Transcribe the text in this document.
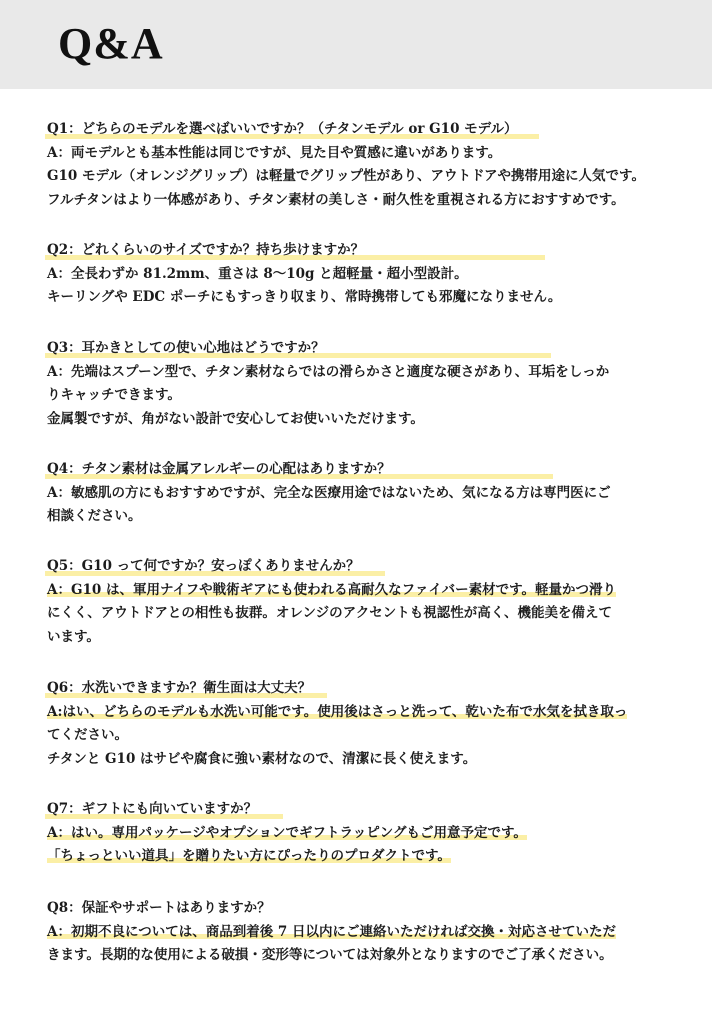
Q&A

Q1：どちらのモデルを選べばいいですか？（チタンモデル or G10 モデル）

A：両モデルとも基本性能は同じですが、見た目や質感に違いがあります。

G10 モデル（オレンジグリップ）は軽量でグリップ性があり、アウトドアや携帯用途に人気です。

フルチタンはより一体感があり、チタン素材の美しさ・耐久性を重視される方におすすめです。

Q2：どれくらいのサイズですか？持ち歩けますか？

A：全長わずか 81.2mm、重さは 8〜10g と超軽量・超小型設計。

キーリングや EDC ポーチにもすっきり収まり、常時携帯しても邪魔になりません。

Q3：耳かきとしての使い心地はどうですか？

A：先端はスプーン型で、チタン素材ならではの滑らかさと適度な硬さがあり、耳垢をしっか

りキャッチできます。

金属製ですが、角がない設計で安心してお使いいただけます。

Q4：チタン素材は金属アレルギーの心配はありますか？

A：敏感肌の方にもおすすめですが、完全な医療用途ではないため、気になる方は専門医にご

相談ください。

Q5：G10 って何ですか？安っぽくありませんか？

A：G10 は、軍用ナイフや戦術ギアにも使われる高耐久なファイバー素材です。軽量かつ滑り

にくく、アウトドアとの相性も抜群。オレンジのアクセントも視認性が高く、機能美を備えて

います。

Q6：水洗いできますか？衛生面は大丈夫？

A:はい、どちらのモデルも水洗い可能です。使用後はさっと洗って、乾いた布で水気を拭き取っ

てください。

チタンと G10 はサビや腐食に強い素材なので、清潔に長く使えます。

Q7：ギフトにも向いていますか？

A：はい。専用パッケージやオプションでギフトラッピングもご用意予定です。

「ちょっといい道具」を贈りたい方にぴったりのプロダクトです。

Q8：保証やサポートはありますか？

A：初期不良については、商品到着後 7 日以内にご連絡いただければ交換・対応させていただ

きます。長期的な使用による破損・変形等については対象外となりますのでご了承ください。
